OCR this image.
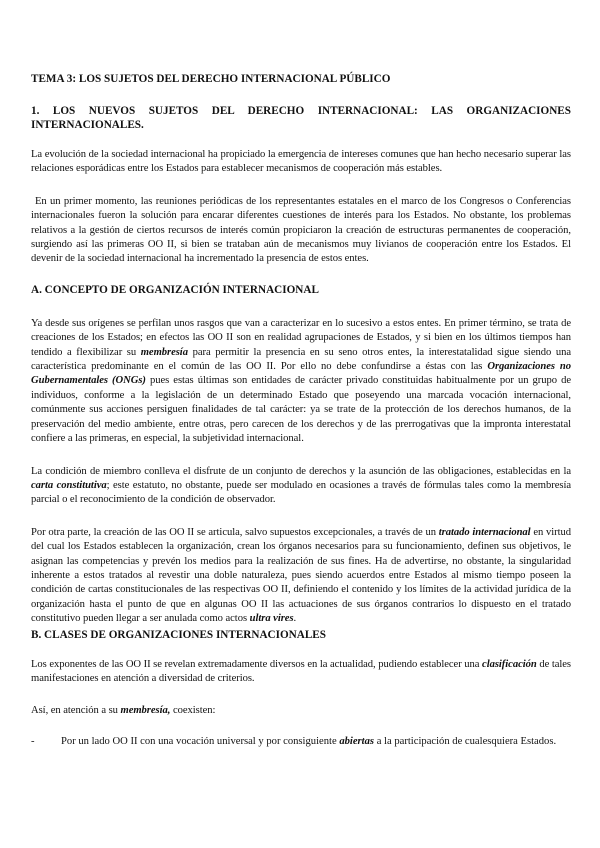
TEMA 3: LOS SUJETOS DEL DERECHO INTERNACIONAL PÚBLICO

1. LOS NUEVOS SUJETOS DEL DERECHO INTERNACIONAL: LAS ORGANIZACIONES INTERNACIONALES.

La evolución de la sociedad internacional ha propiciado la emergencia de intereses comunes que han hecho necesario superar las relaciones esporádicas entre los Estados para establecer mecanismos de cooperación más estables.

En un primer momento, las reuniones periódicas de los representantes estatales en el marco de los Congresos o Conferencias internacionales fueron la solución para encarar diferentes cuestiones de interés para los Estados. No obstante, los problemas relativos a la gestión de ciertos recursos de interés común propiciaron la creación de estructuras permanentes de cooperación, surgiendo así las primeras OO II, si bien se trataban aún de mecanismos muy livianos de cooperación entre los Estados. El devenir de la sociedad internacional ha incrementado la presencia de estos entes.

A. CONCEPTO DE ORGANIZACIÓN INTERNACIONAL

Ya desde sus orígenes se perfilan unos rasgos que van a caracterizar en lo sucesivo a estos entes. En primer término, se trata de creaciones de los Estados; en efectos las OO II son en realidad agrupaciones de Estados, y si bien en los últimos tiempos han tendido a flexibilizar su membresía para permitir la presencia en su seno otros entes, la interestatalidad sigue siendo una característica predominante en el común de las OO II. Por ello no debe confundirse a éstas con las Organizaciones no Gubernamentales (ONGs) pues estas últimas son entidades de carácter privado constituidas habitualmente por un grupo de individuos, conforme a la legislación de un determinado Estado que poseyendo una marcada vocación internacional, comúnmente sus acciones persiguen finalidades de tal carácter: ya se trate de la protección de los derechos humanos, de la preservación del medio ambiente, entre otras, pero carecen de los derechos y de las prerrogativas que la impronta interestatal confiere a las primeras, en especial, la subjetividad internacional.

La condición de miembro conlleva el disfrute de un conjunto de derechos y la asunción de las obligaciones, establecidas en la carta constitutiva; este estatuto, no obstante, puede ser modulado en ocasiones a través de fórmulas tales como la membresía parcial o el reconocimiento de la condición de observador.

Por otra parte, la creación de las OO II se articula, salvo supuestos excepcionales, a través de un tratado internacional en virtud del cual los Estados establecen la organización, crean los órganos necesarios para su funcionamiento, definen sus objetivos, le asignan las competencias y prevén los medios para la realización de sus fines. Ha de advertirse, no obstante, la singularidad inherente a estos tratados al revestir una doble naturaleza, pues siendo acuerdos entre Estados al mismo tiempo poseen la condición de cartas constitucionales de las respectivas OO II, definiendo el contenido y los límites de la actividad jurídica de la organización hasta el punto de que en algunas OO II las actuaciones de sus órganos contrarios lo dispuesto en el tratado constitutivo pueden llegar a ser anulada como actos ultra vires.

B. CLASES DE ORGANIZACIONES INTERNACIONALES

Los exponentes de las OO II se revelan extremadamente diversos en la actualidad, pudiendo establecer una clasificación de tales manifestaciones en atención a diversidad de criterios.

Así, en atención a su membresía, coexisten:

-	Por un lado OO II con una vocación universal y por consiguiente abiertas a la participación de cualesquiera Estados.
